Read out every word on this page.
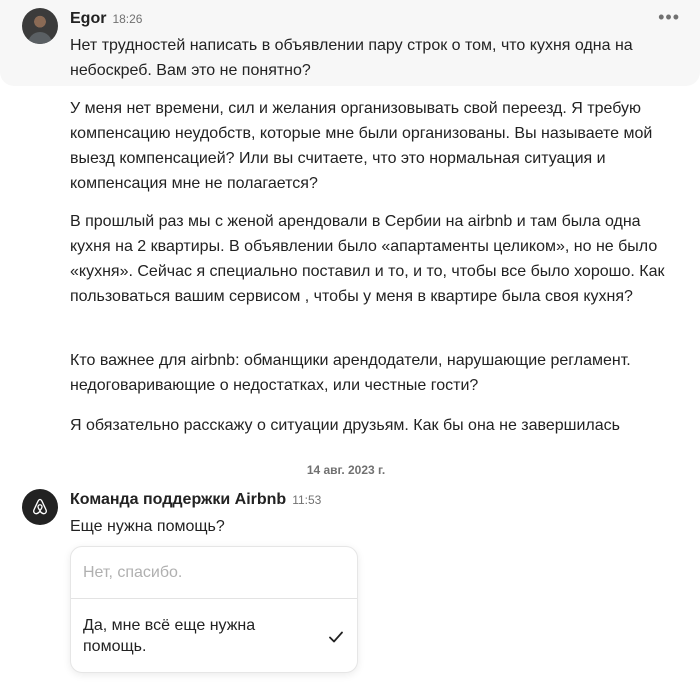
Egor 18:26	•••
Нет трудностей написать в объявлении пару строк о том, что кухня одна на небоскреб. Вам это не понятно?
У меня нет времени, сил и желания организовывать свой переезд. Я требую компенсацию неудобств, которые мне были организованы. Вы называете мой выезд компенсацией? Или вы считаете, что это нормальная ситуация и компенсация мне не полагается?
В прошлый раз мы с женой арендовали в Сербии на airbnb и там была одна кухня на 2 квартиры. В объявлении было «апартаменты целиком», но не было «кухня». Сейчас я специально поставил и то, и то, чтобы все было хорошо. Как пользоваться вашим сервисом , чтобы у меня в квартире была своя кухня?
Кто важнее для airbnb: обманщики арендодатели, нарушающие регламент. недоговаривающие о недостатках, или честные гости?
Я обязательно расскажу о ситуации друзьям. Как бы она не завершилась
14 авг. 2023 г.
Команда поддержки Airbnb 11:53
Еще нужна помощь?
Нет, спасибо.
Да, мне всё еще нужна помощь.
